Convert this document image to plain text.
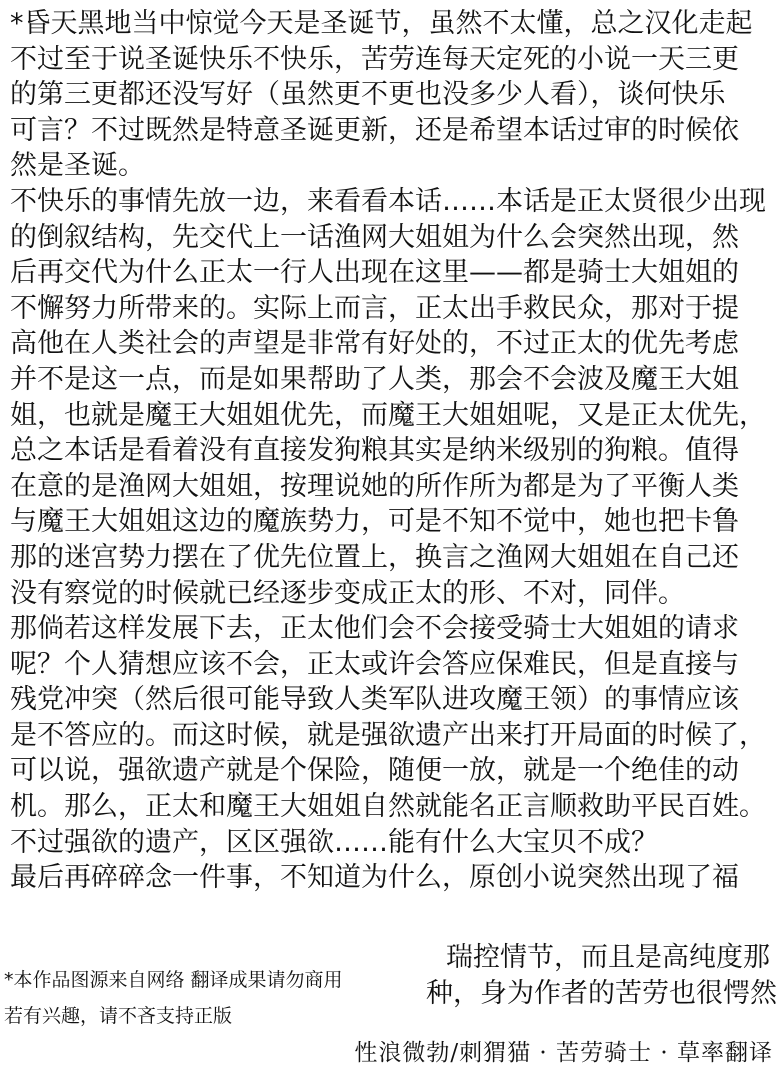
*昏天黑地当中惊觉今天是圣诞节，虽然不太懂，总之汉化走起
不过至于说圣诞快乐不快乐，苦劳连每天定死的小说一天三更
的第三更都还没写好（虽然更不更也没多少人看），谈何快乐
可言？不过既然是特意圣诞更新，还是希望本话过审的时候依
然是圣诞。
不快乐的事情先放一边，来看看本话……本话是正太贤很少出现
的倒叙结构，先交代上一话渔网大姐姐为什么会突然出现，然
后再交代为什么正太一行人出现在这里——都是骑士大姐姐的
不懈努力所带来的。实际上而言，正太出手救民众，那对于提
高他在人类社会的声望是非常有好处的，不过正太的优先考虑
并不是这一点，而是如果帮助了人类，那会不会波及魔王大姐
姐，也就是魔王大姐姐优先，而魔王大姐姐呢，又是正太优先，
总之本话是看着没有直接发狗粮其实是纳米级别的狗粮。值得
在意的是渔网大姐姐，按理说她的所作所为都是为了平衡人类
与魔王大姐姐这边的魔族势力，可是不知不觉中，她也把卡鲁
那的迷宫势力摆在了优先位置上，换言之渔网大姐姐在自己还
没有察觉的时候就已经逐步变成正太的形、不对，同伴。
那倘若这样发展下去，正太他们会不会接受骑士大姐姐的请求
呢？个人猜想应该不会，正太或许会答应保难民，但是直接与
残党冲突（然后很可能导致人类军队进攻魔王领）的事情应该
是不答应的。而这时候，就是强欲遗产出来打开局面的时候了，
可以说，强欲遗产就是个保险，随便一放，就是一个绝佳的动
机。那么，正太和魔王大姐姐自然就能名正言顺救助平民百姓。
不过强欲的遗产，区区强欲……能有什么大宝贝不成？
最后再碎碎念一件事，不知道为什么，原创小说突然出现了福
瑞控情节，而且是高纯度那
种，身为作者的苦劳也很愕然
*本作品图源来自网络 翻译成果请勿商用
若有兴趣，请不吝支持正版
性浪微勃/刺猬猫 · 苦劳骑士 · 草率翻译
